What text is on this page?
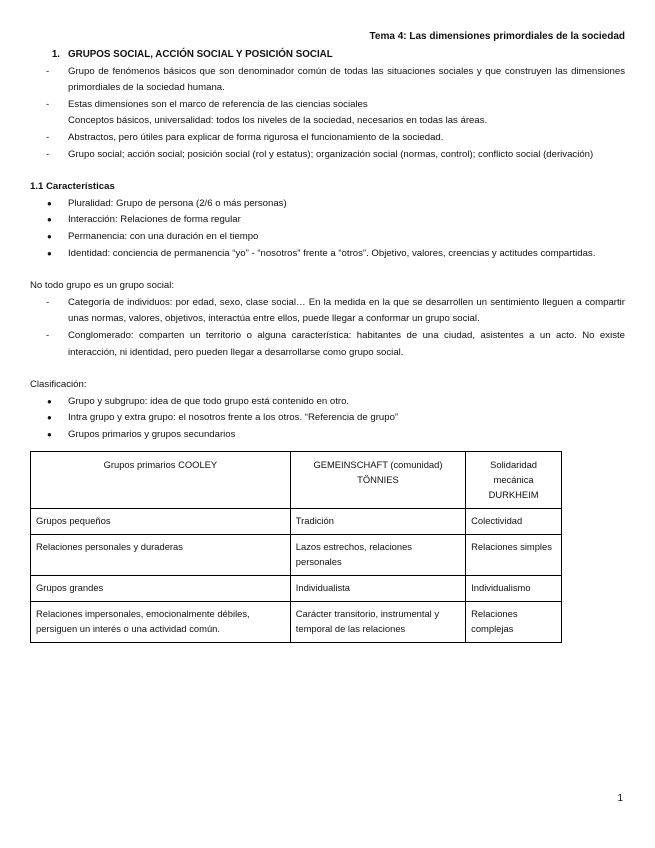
Tema 4: Las dimensiones primordiales de la sociedad
1. GRUPOS SOCIAL, ACCIÓN SOCIAL Y POSICIÓN SOCIAL
-	Grupo de fenómenos básicos que son denominador común de todas las situaciones sociales y que construyen las dimensiones primordiales de la sociedad humana.
-	Estas dimensiones son el marco de referencia de las ciencias sociales
Conceptos básicos, universalidad: todos los niveles de la sociedad, necesarios en todas las áreas.
-	Abstractos, pero útiles para explicar de forma rigurosa el funcionamiento de la sociedad.
-	Grupo social; acción social; posición social (rol y estatus); organización social (normas, control); conflicto social (derivación)
1.1 Características
●	Pluralidad: Grupo de persona (2/6 o más personas)
●	Interacción: Relaciones de forma regular
●	Permanencia: con una duración en el tiempo
●	Identidad: conciencia de permanencia “yo” - “nosotros” frente a “otros”. Objetivo, valores, creencias y actitudes compartidas.
No todo grupo es un grupo social:
-	Categoría de individuos: por edad, sexo, clase social… En la medida en la que se desarrollen un sentimiento lleguen a compartir unas normas, valores, objetivos, interactúa entre ellos, puede llegar a conformar un grupo social.
-	Conglomerado: comparten un territorio o alguna característica: habitantes de una ciudad, asistentes a un acto. No existe interacción, ni identidad, pero pueden llegar a desarrollarse como grupo social.
Clasificación:
●	Grupo y subgrupo: idea de que todo grupo está contenido en otro.
●	Intra grupo y extra grupo: el nosotros frente a los otros. “Referencia de grupo”
●	Grupos primarios y grupos secundarios
Grupos primarios COOLEY	GEMEINSCHAFT (comunidad) TÖNNIES	Solidaridad mecánica DURKHEIM
Grupos pequeños	Tradición	Colectividad
Relaciones personales y duraderas	Lazos estrechos, relaciones personales	Relaciones simples
Grupos grandes	Individualista	Individualismo
Relaciones impersonales, emocionalmente débiles, persiguen un interés o una actividad común.	Carácter transitorio, instrumental y temporal de las relaciones	Relaciones complejas
1
